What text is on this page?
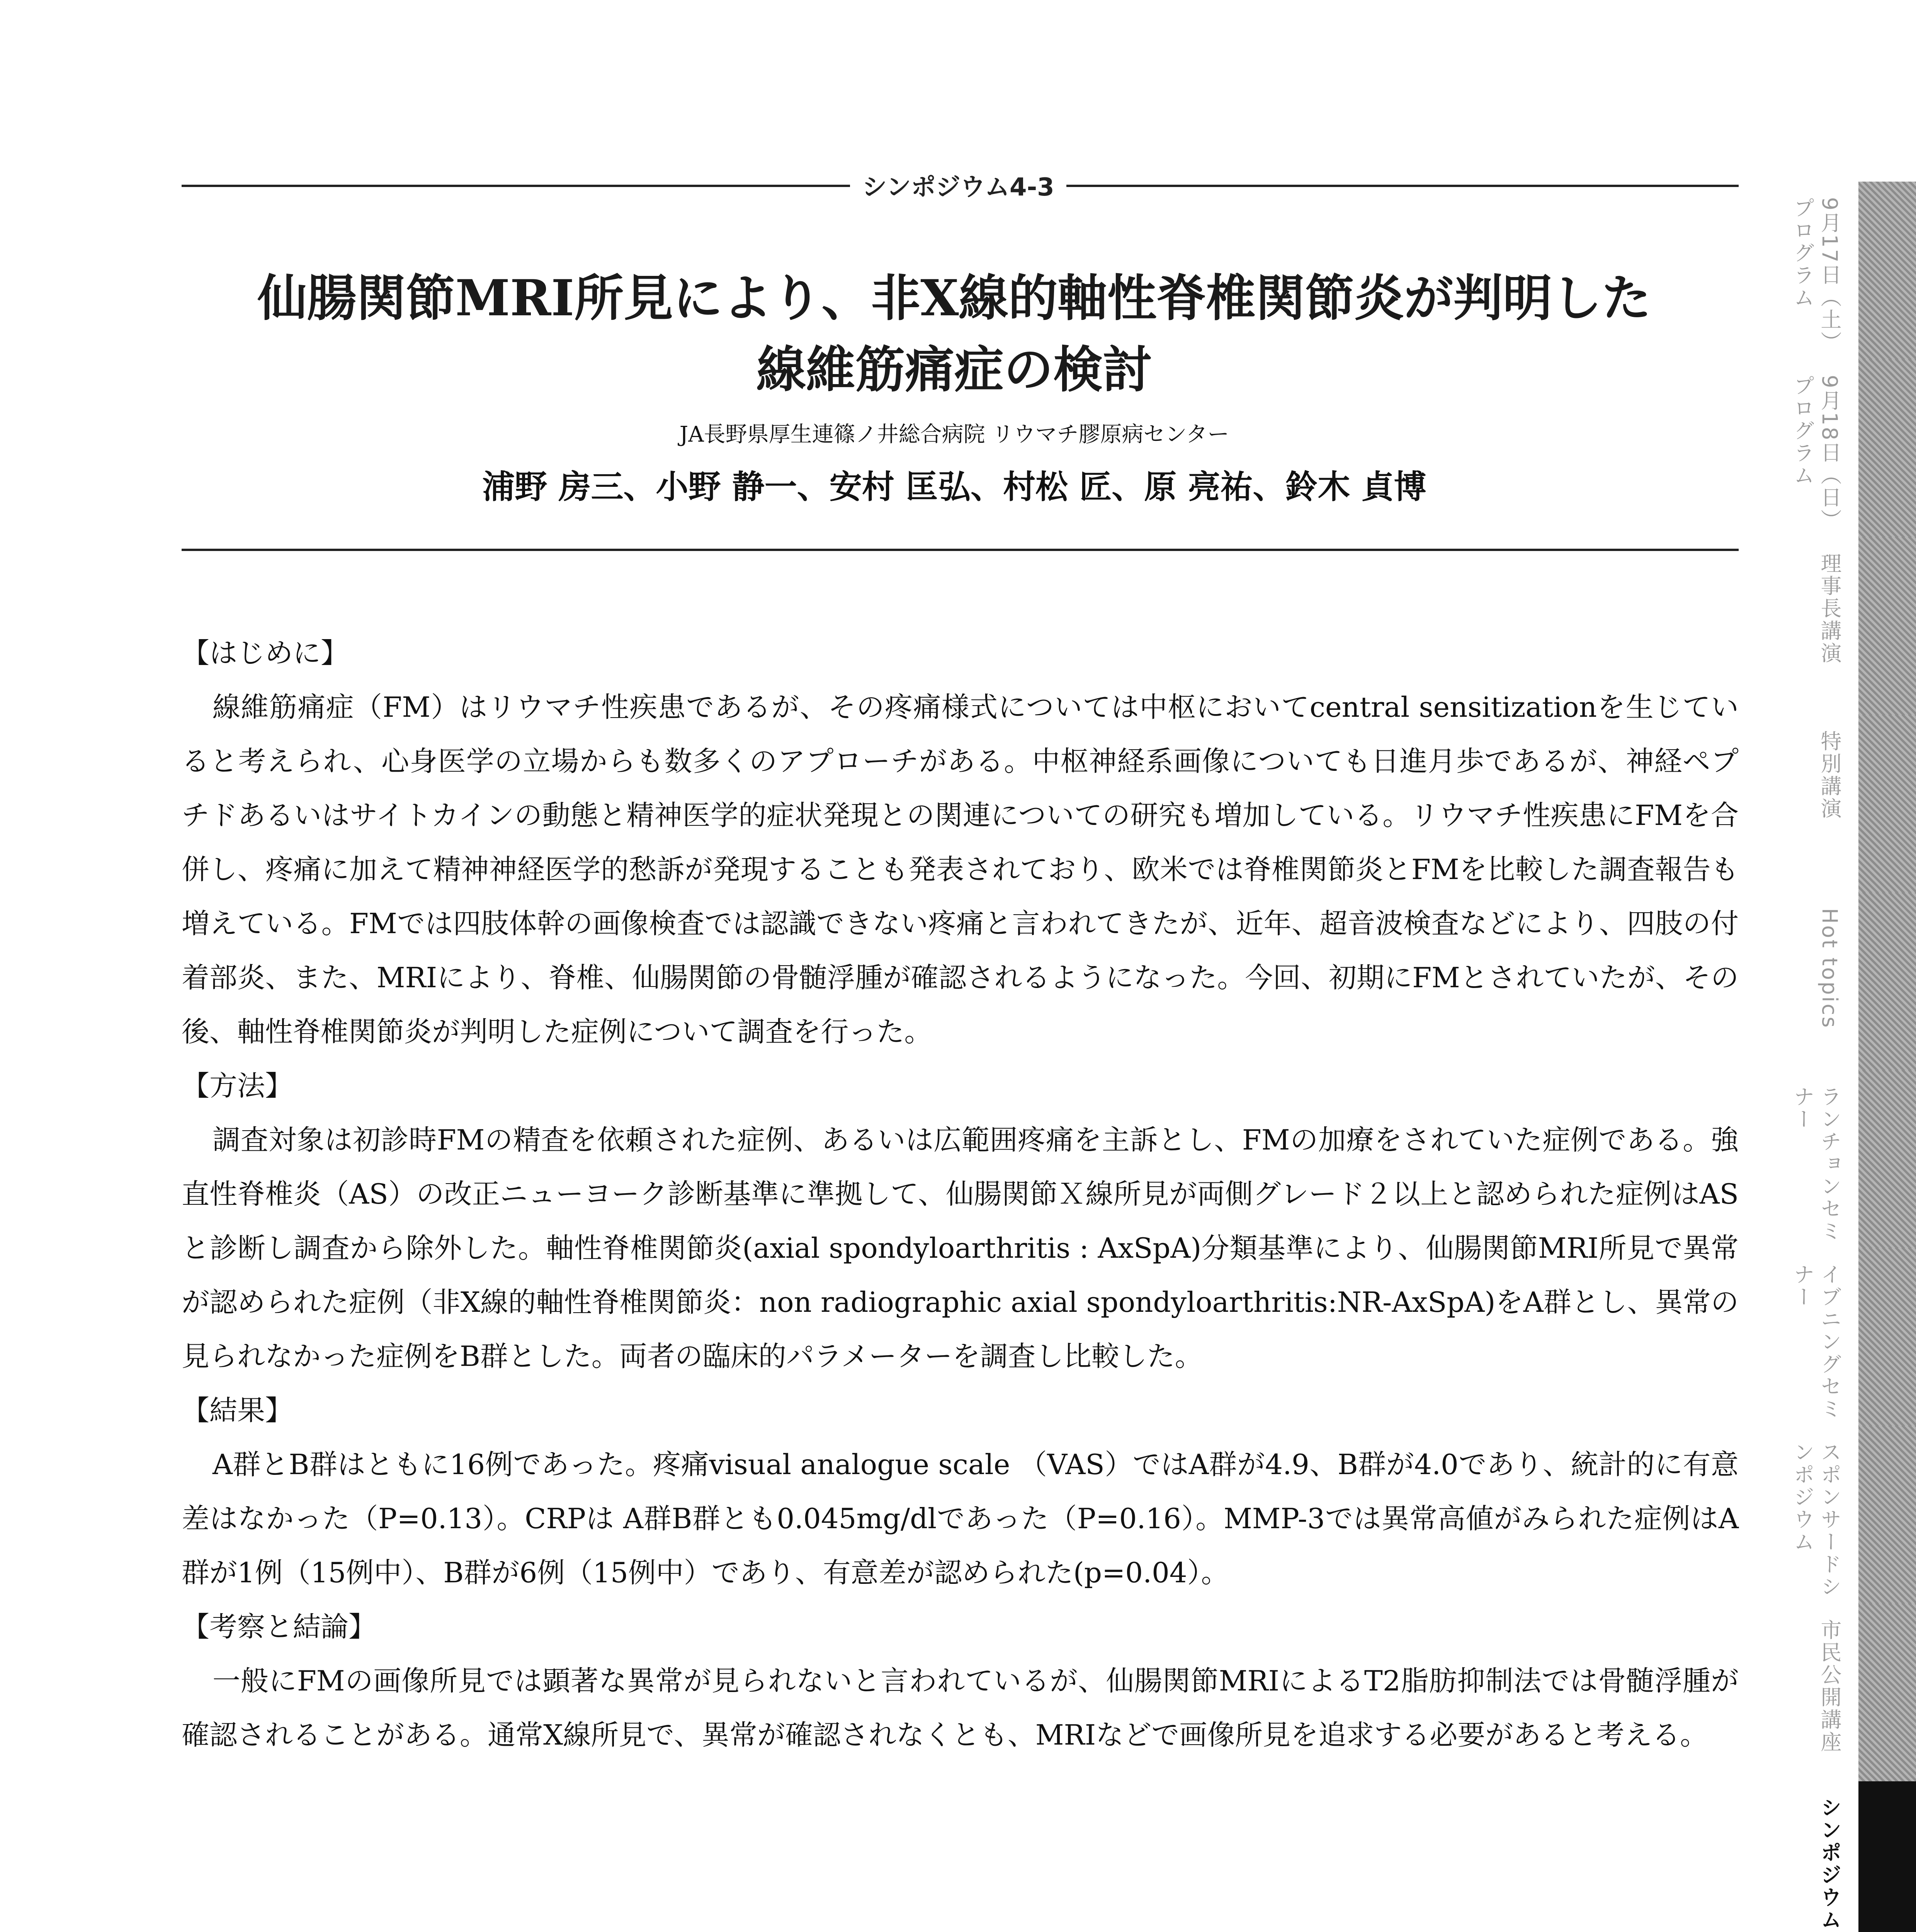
シンポジウム4-3
仙腸関節MRI所見により、非X線的軸性脊椎関節炎が判明した
線維筋痛症の検討
JA長野県厚生連篠ノ井総合病院 リウマチ膠原病センター
浦野 房三、小野 静一、安村 匡弘、村松 匠、原 亮祐、鈴木 貞博
【はじめに】

線維筋痛症（FM）はリウマチ性疾患であるが、その疼痛様式については中枢においてcentral sensitizationを生じていると考えられ、心身医学の立場からも数多くのアプローチがある。中枢神経系画像についても日進月歩であるが、神経ペプチドあるいはサイトカインの動態と精神医学的症状発現との関連についての研究も増加している。リウマチ性疾患にFMを合併し、疼痛に加えて精神神経医学的愁訴が発現することも発表されており、欧米では脊椎関節炎とFMを比較した調査報告も増えている。FMでは四肢体幹の画像検査では認識できない疼痛と言われてきたが、近年、超音波検査などにより、四肢の付着部炎、また、MRIにより、脊椎、仙腸関節の骨髄浮腫が確認されるようになった。今回、初期にFMとされていたが、その後、軸性脊椎関節炎が判明した症例について調査を行った。

【方法】

調査対象は初診時FMの精査を依頼された症例、あるいは広範囲疼痛を主訴とし、FMの加療をされていた症例である。強直性脊椎炎（AS）の改正ニューヨーク診断基準に準拠して、仙腸関節Ｘ線所見が両側グレード２以上と認められた症例はASと診断し調査から除外した。軸性脊椎関節炎(axial spondyloarthritis : AxSpA)分類基準により、仙腸関節MRI所見で異常が認められた症例（非X線的軸性脊椎関節炎：non radiographic axial spondyloarthritis:NR-AxSpA)をA群とし、異常の見られなかった症例をB群とした。両者の臨床的パラメーターを調査し比較した。

【結果】

A群とB群はともに16例であった。疼痛visual analogue scale （VAS）ではA群が4.9、B群が4.0であり、統計的に有意差はなかった（P=0.13）。CRPは A群B群とも0.045mg/dlであった（P=0.16）。MMP-3では異常高値がみられた症例はA群が1例（15例中）、B群が6例（15例中）であり、有意差が認められた(p=0.04）。

【考察と結論】

一般にFMの画像所見では顕著な異常が見られないと言われているが、仙腸関節MRIによるT2脂肪抑制法では骨髄浮腫が確認されることがある。通常X線所見で、異常が確認されなくとも、MRIなどで画像所見を追求する必要があると考える。

9月17日（土）プログラム
9月18日（日）プログラム
理事長講演
特別講演
Hot topics
ランチョンセミナー
イブニングセミナー
スポンサードシンポジウム
市民公開講座
シンポジウム
